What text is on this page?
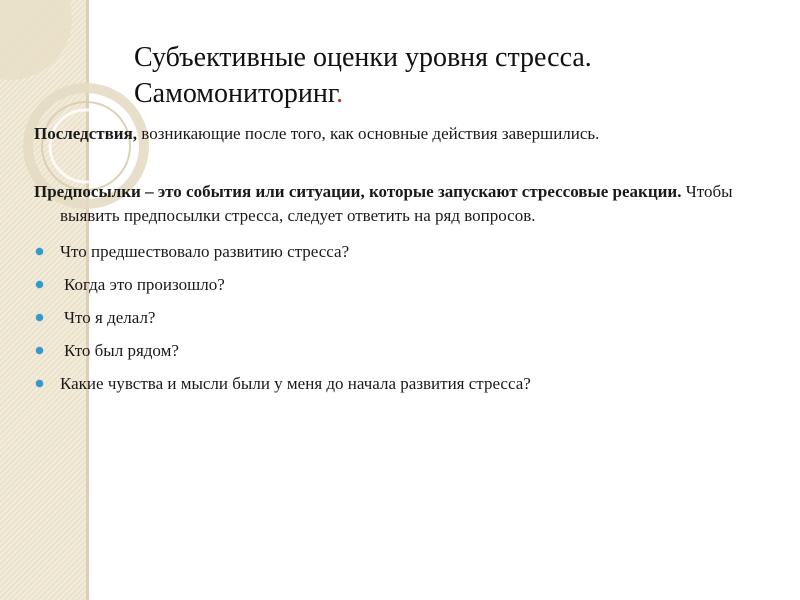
Субъективные оценки уровня стресса.
Самомониторинг.

Последствия, возникающие после того, как основные действия завершились.

Предпосылки – это события или ситуации, которые запускают стрессовые реакции. Чтобы выявить предпосылки стресса, следует ответить на ряд вопросов.

Что предшествовало развитию стресса?
Когда это произошло?
Что я делал?
Кто был рядом?
Какие чувства и мысли были у меня до начала развития стресса?
